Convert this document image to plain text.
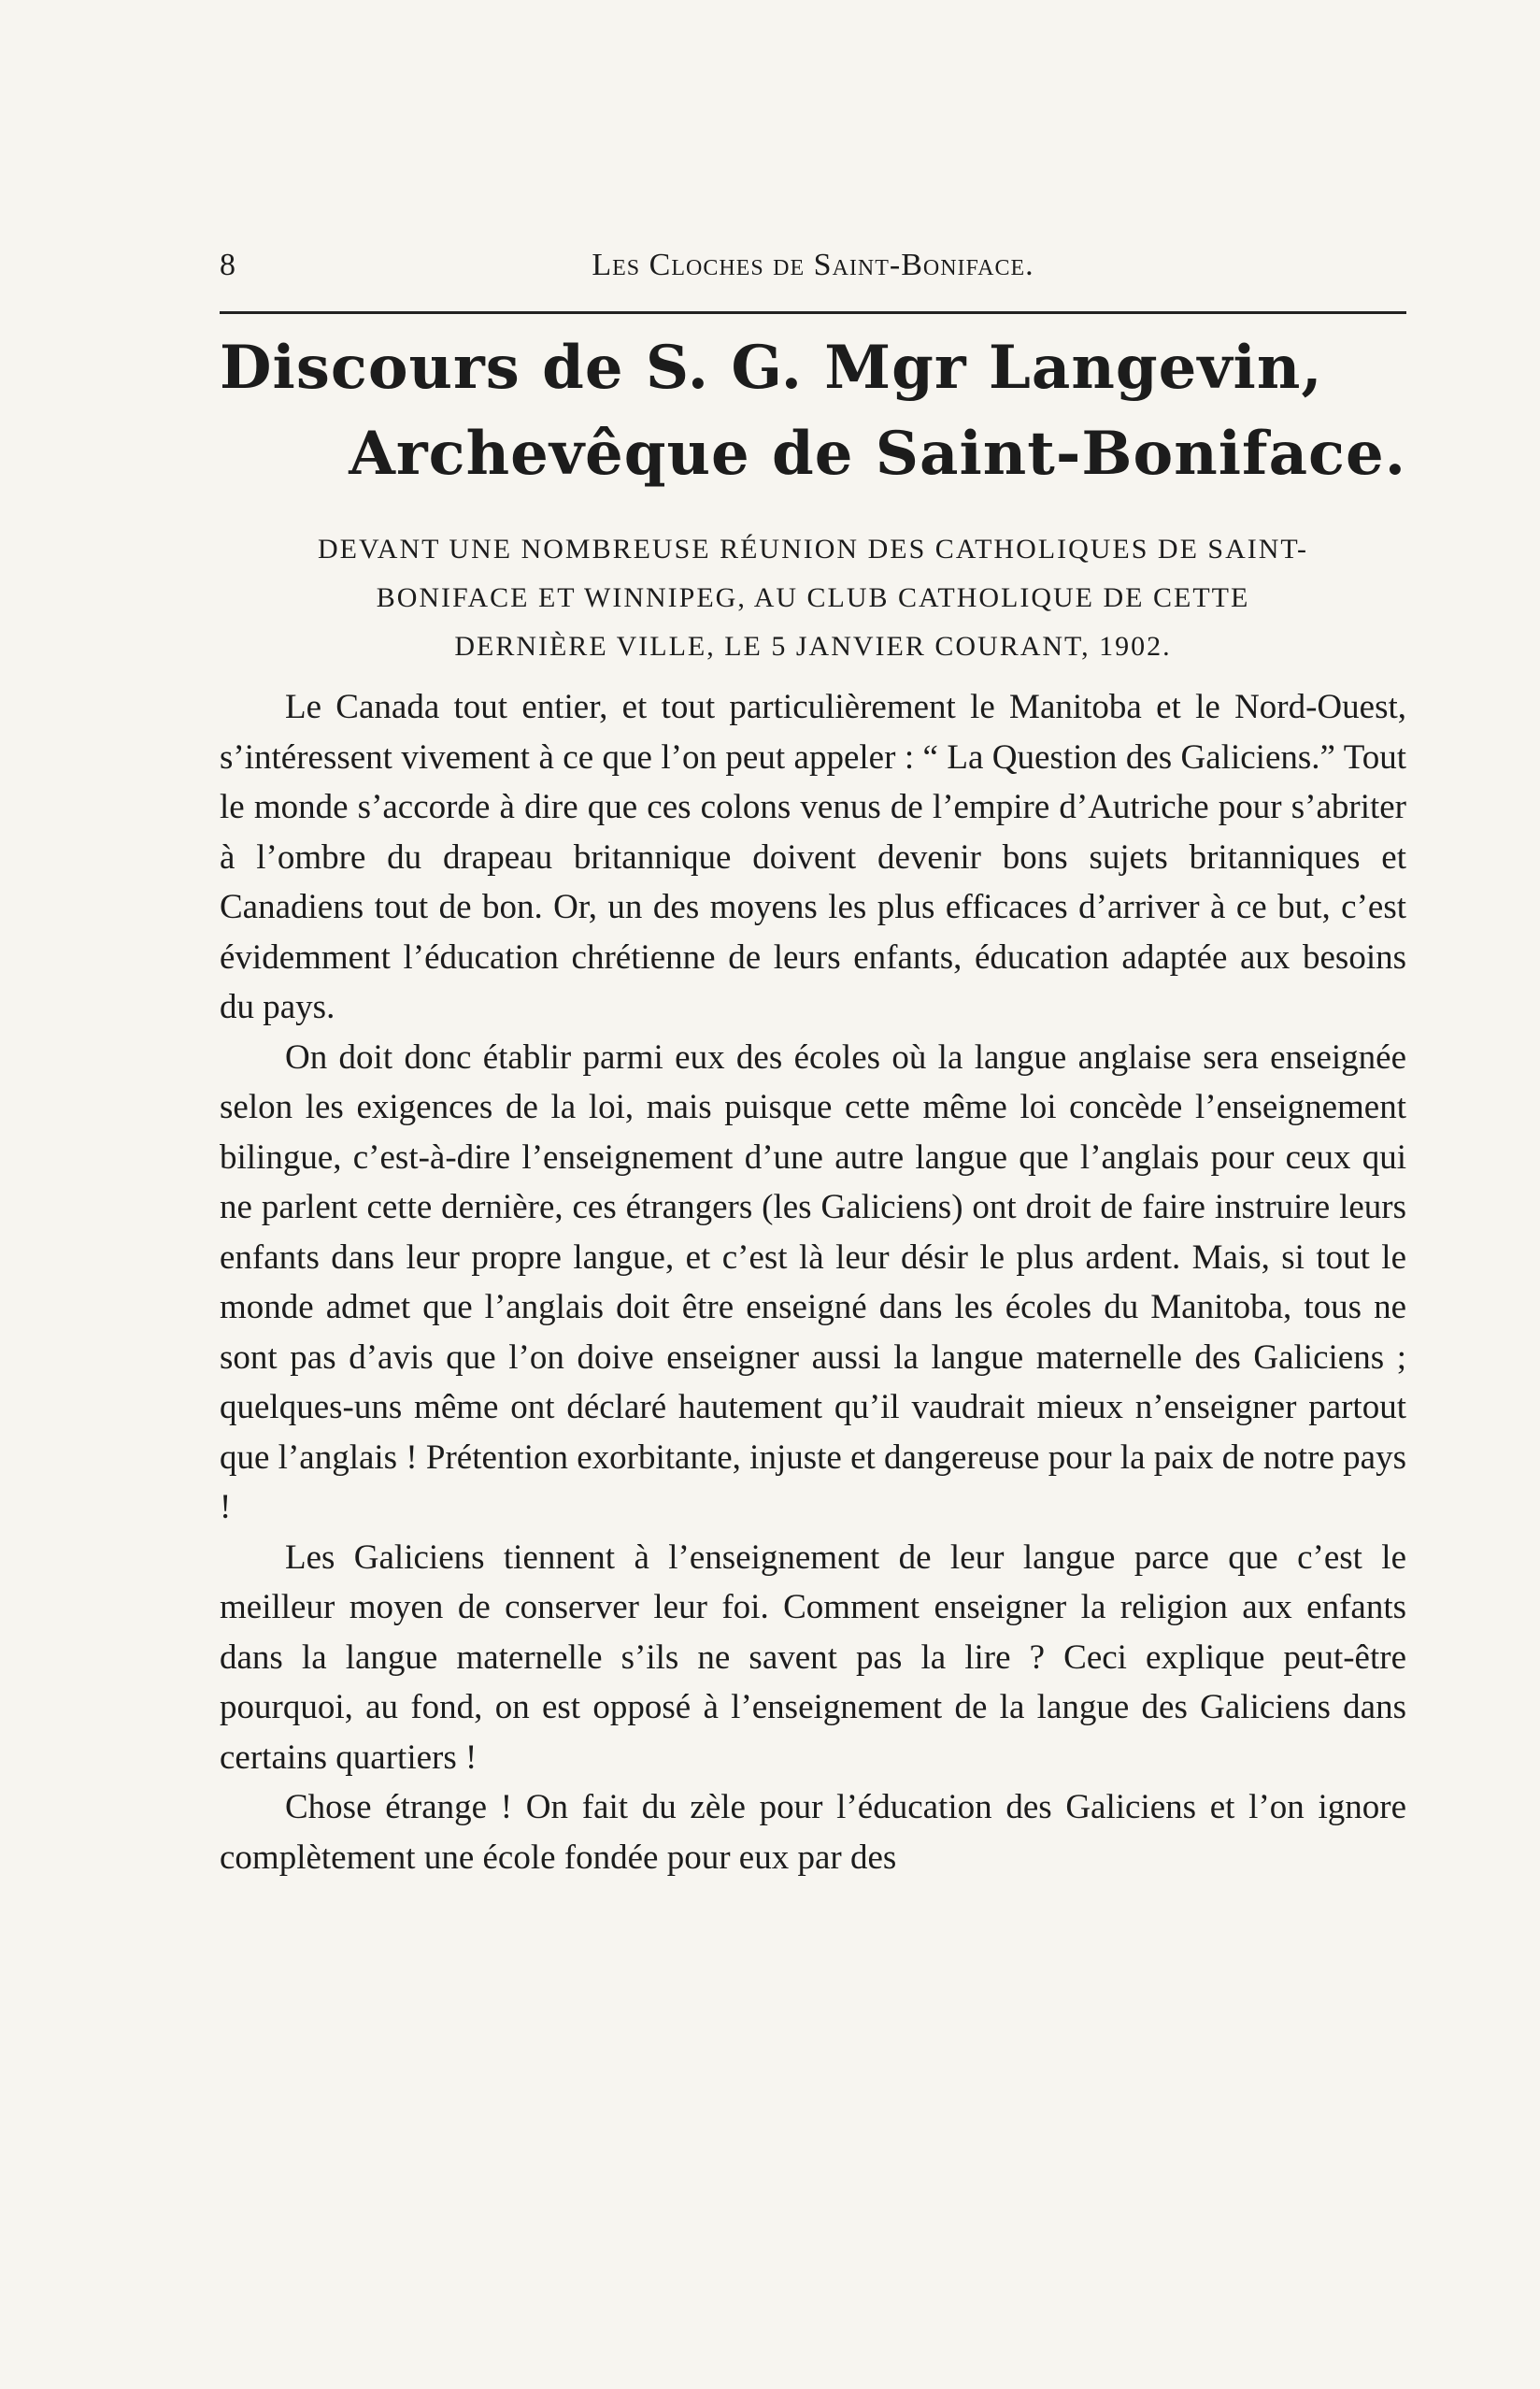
8	Les Cloches de Saint-Boniface.
Discours de S. G. Mgr Langevin,
Archevêque de Saint-Boniface.
DEVANT UNE NOMBREUSE RÉUNION DES CATHOLIQUES DE SAINT-
BONIFACE ET WINNIPEG, AU CLUB CATHOLIQUE DE CETTE
DERNIÈRE VILLE, LE 5 JANVIER COURANT, 1902.

Le Canada tout entier, et tout particulièrement le Manitoba et le Nord-Ouest, s’intéressent vivement à ce que l’on peut appeler : “ La Question des Galiciens.” Tout le monde s’accorde à dire que ces colons venus de l’empire d’Autriche pour s’abriter à l’ombre du drapeau britannique doivent devenir bons sujets britanniques et Canadiens tout de bon. Or, un des moyens les plus efficaces d’arriver à ce but, c’est évidemment l’éducation chrétienne de leurs enfants, éducation adaptée aux besoins du pays.

On doit donc établir parmi eux des écoles où la langue anglaise sera enseignée selon les exigences de la loi, mais puisque cette même loi concède l’enseignement bilingue, c’est-à-dire l’enseignement d’une autre langue que l’anglais pour ceux qui ne parlent cette dernière, ces étrangers (les Galiciens) ont droit de faire instruire leurs enfants dans leur propre langue, et c’est là leur désir le plus ardent. Mais, si tout le monde admet que l’anglais doit être enseigné dans les écoles du Manitoba, tous ne sont pas d’avis que l’on doive enseigner aussi la langue maternelle des Galiciens ; quelques-uns même ont déclaré hautement qu’il vaudrait mieux n’enseigner partout que l’anglais ! Prétention exorbitante, injuste et dangereuse pour la paix de notre pays !

Les Galiciens tiennent à l’enseignement de leur langue parce que c’est le meilleur moyen de conserver leur foi. Comment enseigner la religion aux enfants dans la langue maternelle s’ils ne savent pas la lire ? Ceci explique peut-être pourquoi, au fond, on est opposé à l’enseignement de la langue des Galiciens dans certains quartiers !

Chose étrange ! On fait du zèle pour l’éducation des Galiciens et l’on ignore complètement une école fondée pour eux par des
